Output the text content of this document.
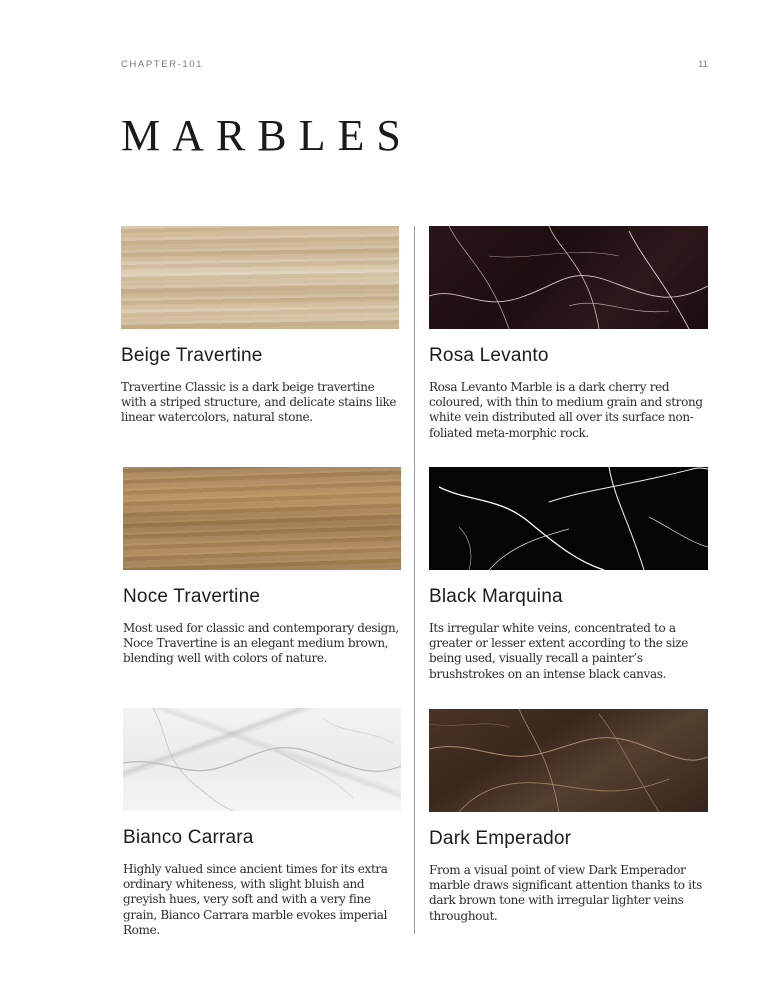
CHAPTER-101	11
MARBLES
Beige Travertine

Travertine Classic is a dark beige travertine with a striped structure, and delicate stains like linear watercolors, natural stone.

Noce Travertine

Most used for classic and contemporary design, Noce Travertine is an elegant medium brown, blending well with colors of nature.

Bianco Carrara

Highly valued since ancient times for its extra ordinary whiteness, with slight bluish and greyish hues, very soft and with a very fine grain, Bianco Carrara marble evokes imperial Rome.

Rosa Levanto

Rosa Levanto Marble is a dark cherry red coloured, with thin to medium grain and strong white vein distributed all over its surface non-foliated meta-morphic rock.

Black Marquina

Its irregular white veins, concentrated to a greater or lesser extent according to the size being used, visually recall a painter’s brushstrokes on an intense black canvas.

Dark Emperador

From a visual point of view Dark Emperador marble draws significant attention thanks to its dark brown tone with irregular lighter veins throughout.
